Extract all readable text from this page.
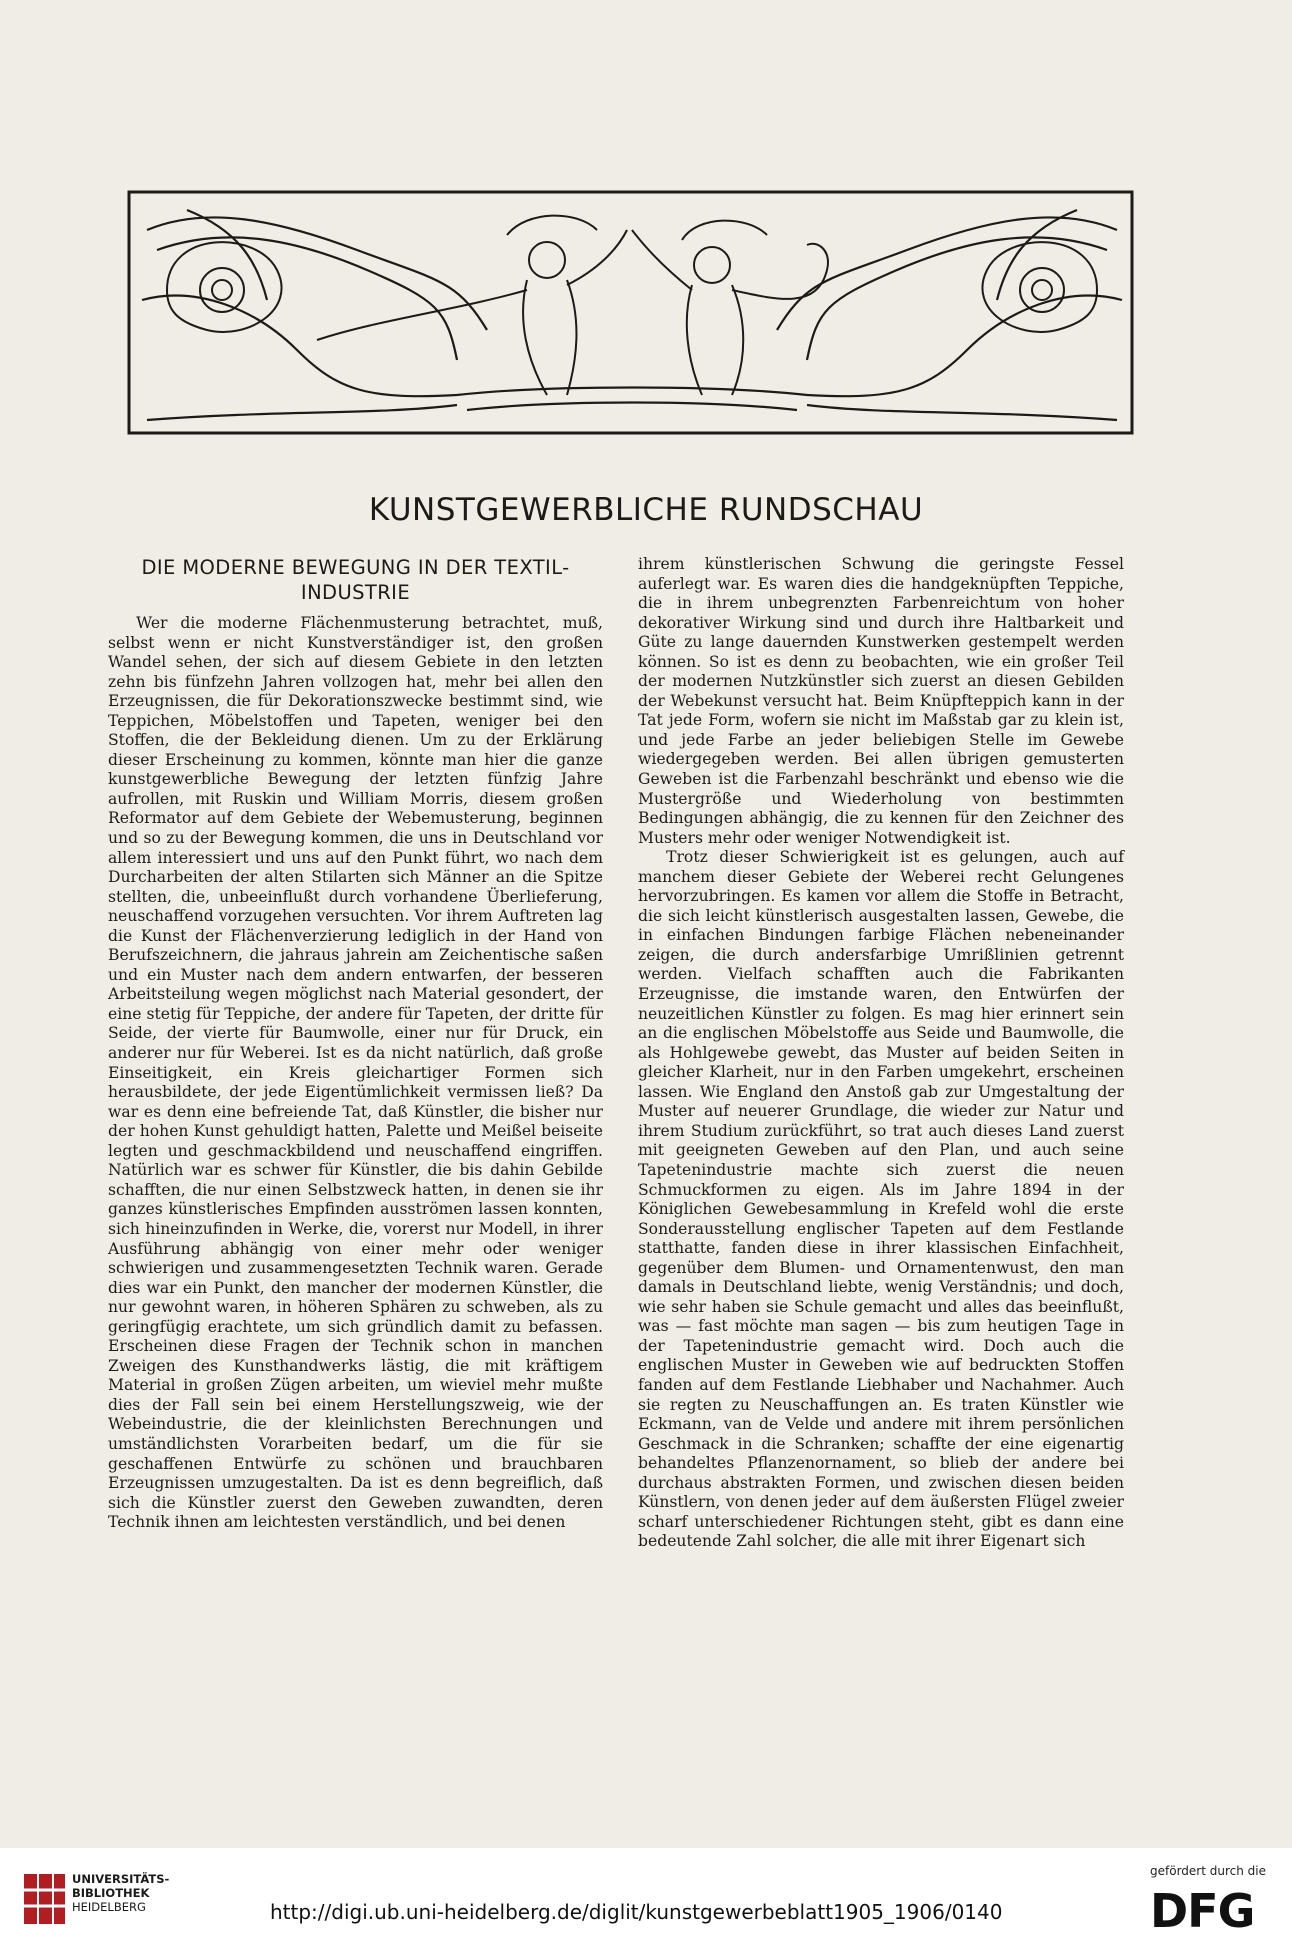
KUNSTGEWERBLICHE RUNDSCHAU
DIE MODERNE BEWEGUNG IN DER TEXTIL-
INDUSTRIE

Wer die moderne Flächenmusterung betrachtet, muß, selbst wenn er nicht Kunstverständiger ist, den großen Wandel sehen, der sich auf diesem Gebiete in den letzten zehn bis fünfzehn Jahren vollzogen hat, mehr bei allen den Erzeugnissen, die für Dekorationszwecke bestimmt sind, wie Teppichen, Möbelstoffen und Tapeten, weniger bei den Stoffen, die der Bekleidung dienen. Um zu der Erklärung dieser Erscheinung zu kommen, könnte man hier die ganze kunstgewerbliche Bewegung der letzten fünfzig Jahre aufrollen, mit Ruskin und William Morris, diesem großen Reformator auf dem Gebiete der Webemusterung, beginnen und so zu der Bewegung kommen, die uns in Deutschland vor allem interessiert und uns auf den Punkt führt, wo nach dem Durcharbeiten der alten Stilarten sich Männer an die Spitze stellten, die, unbeeinflußt durch vorhandene Überlieferung, neuschaffend vorzugehen versuchten. Vor ihrem Auftreten lag die Kunst der Flächenverzierung lediglich in der Hand von Berufszeichnern, die jahraus jahrein am Zeichentische saßen und ein Muster nach dem andern entwarfen, der besseren Arbeitsteilung wegen möglichst nach Material gesondert, der eine stetig für Teppiche, der andere für Tapeten, der dritte für Seide, der vierte für Baumwolle, einer nur für Druck, ein anderer nur für Weberei. Ist es da nicht natürlich, daß große Einseitigkeit, ein Kreis gleichartiger Formen sich herausbildete, der jede Eigentümlichkeit vermissen ließ? Da war es denn eine befreiende Tat, daß Künstler, die bisher nur der hohen Kunst gehuldigt hatten, Palette und Meißel beiseite legten und geschmackbildend und neuschaffend eingriffen. Natürlich war es schwer für Künstler, die bis dahin Gebilde schafften, die nur einen Selbstzweck hatten, in denen sie ihr ganzes künstlerisches Empfinden ausströmen lassen konnten, sich hineinzufinden in Werke, die, vorerst nur Modell, in ihrer Ausführung abhängig von einer mehr oder weniger schwierigen und zusammengesetzten Technik waren. Gerade dies war ein Punkt, den mancher der modernen Künstler, die nur gewohnt waren, in höheren Sphären zu schweben, als zu geringfügig erachtete, um sich gründlich damit zu befassen. Erscheinen diese Fragen der Technik schon in manchen Zweigen des Kunsthandwerks lästig, die mit kräftigem Material in großen Zügen arbeiten, um wieviel mehr mußte dies der Fall sein bei einem Herstellungszweig, wie der Webeindustrie, die der kleinlichsten Berechnungen und umständlichsten Vorarbeiten bedarf, um die für sie geschaffenen Entwürfe zu schönen und brauchbaren Erzeugnissen umzugestalten. Da ist es denn begreiflich, daß sich die Künstler zuerst den Geweben zuwandten, deren Technik ihnen am leichtesten verständlich, und bei denen

ihrem künstlerischen Schwung die geringste Fessel auferlegt war. Es waren dies die handgeknüpften Teppiche, die in ihrem unbegrenzten Farbenreichtum von hoher dekorativer Wirkung sind und durch ihre Haltbarkeit und Güte zu lange dauernden Kunstwerken gestempelt werden können. So ist es denn zu beobachten, wie ein großer Teil der modernen Nutzkünstler sich zuerst an diesen Gebilden der Webekunst versucht hat. Beim Knüpfteppich kann in der Tat jede Form, wofern sie nicht im Maßstab gar zu klein ist, und jede Farbe an jeder beliebigen Stelle im Gewebe wiedergegeben werden. Bei allen übrigen gemusterten Geweben ist die Farbenzahl beschränkt und ebenso wie die Mustergröße und Wiederholung von bestimmten Bedingungen abhängig, die zu kennen für den Zeichner des Musters mehr oder weniger Notwendigkeit ist.

Trotz dieser Schwierigkeit ist es gelungen, auch auf manchem dieser Gebiete der Weberei recht Gelungenes hervorzubringen. Es kamen vor allem die Stoffe in Betracht, die sich leicht künstlerisch ausgestalten lassen, Gewebe, die in einfachen Bindungen farbige Flächen nebeneinander zeigen, die durch andersfarbige Umrißlinien getrennt werden. Vielfach schafften auch die Fabrikanten Erzeugnisse, die imstande waren, den Entwürfen der neuzeitlichen Künstler zu folgen. Es mag hier erinnert sein an die englischen Möbelstoffe aus Seide und Baumwolle, die als Hohlgewebe gewebt, das Muster auf beiden Seiten in gleicher Klarheit, nur in den Farben umgekehrt, erscheinen lassen. Wie England den Anstoß gab zur Umgestaltung der Muster auf neuerer Grundlage, die wieder zur Natur und ihrem Studium zurückführt, so trat auch dieses Land zuerst mit geeigneten Geweben auf den Plan, und auch seine Tapetenindustrie machte sich zuerst die neuen Schmuckformen zu eigen. Als im Jahre 1894 in der Königlichen Gewebesammlung in Krefeld wohl die erste Sonderausstellung englischer Tapeten auf dem Festlande statthatte, fanden diese in ihrer klassischen Einfachheit, gegenüber dem Blumen- und Ornamentenwust, den man damals in Deutschland liebte, wenig Verständnis; und doch, wie sehr haben sie Schule gemacht und alles das beeinflußt, was — fast möchte man sagen — bis zum heutigen Tage in der Tapetenindustrie gemacht wird. Doch auch die englischen Muster in Geweben wie auf bedruckten Stoffen fanden auf dem Festlande Liebhaber und Nachahmer. Auch sie regten zu Neuschaffungen an. Es traten Künstler wie Eckmann, van de Velde und andere mit ihrem persönlichen Geschmack in die Schranken; schaffte der eine eigenartig behandeltes Pflanzenornament, so blieb der andere bei durchaus abstrakten Formen, und zwischen diesen beiden Künstlern, von denen jeder auf dem äußersten Flügel zweier scharf unterschiedener Richtungen steht, gibt es dann eine bedeutende Zahl solcher, die alle mit ihrer Eigenart sich

UNIVERSITÄTS-
BIBLIOTHEK
HEIDELBERG	http://digi.ub.uni-heidelberg.de/diglit/kunstgewerbeblatt1905_1906/0140
gefördert durch die
DFG
